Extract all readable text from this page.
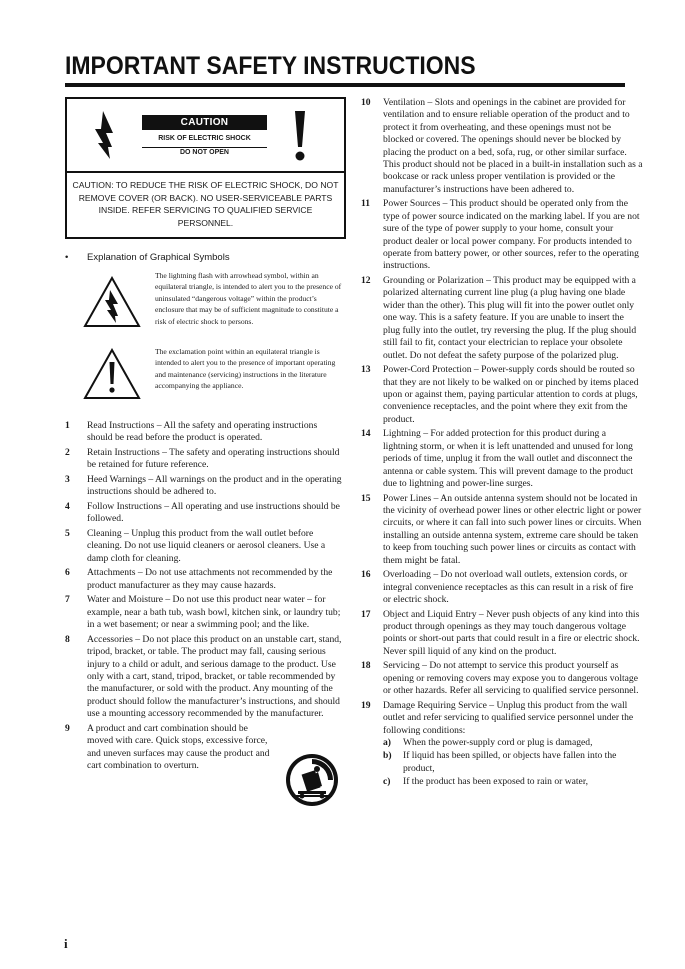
IMPORTANT SAFETY INSTRUCTIONS
CAUTION
RISK OF ELECTRIC SHOCK
DO NOT OPEN
CAUTION: TO REDUCE THE RISK OF ELECTRIC SHOCK, DO NOT REMOVE COVER (OR BACK). NO USER-SERVICEABLE PARTS INSIDE. REFER SERVICING TO QUALIFIED SERVICE PERSONNEL.
• Explanation of Graphical Symbols
The lightning flash with arrowhead symbol, within an equilateral triangle, is intended to alert you to the presence of uninsulated “dangerous voltage” within the product’s enclosure that may be of sufficient magnitude to constitute a risk of electric shock to persons.
The exclamation point within an equilateral triangle is intended to alert you to the presence of important operating and maintenance (servicing) instructions in the literature accompanying the appliance.
1 Read Instructions – All the safety and operating instructions should be read before the product is operated.
2 Retain Instructions – The safety and operating instructions should be retained for future reference.
3 Heed Warnings – All warnings on the product and in the operating instructions should be adhered to.
4 Follow Instructions – All operating and use instructions should be followed.
5 Cleaning – Unplug this product from the wall outlet before cleaning. Do not use liquid cleaners or aerosol cleaners. Use a damp cloth for cleaning.
6 Attachments – Do not use attachments not recommended by the product manufacturer as they may cause hazards.
7 Water and Moisture – Do not use this product near water – for example, near a bath tub, wash bowl, kitchen sink, or laundry tub; in a wet basement; or near a swimming pool; and the like.
8 Accessories – Do not place this product on an unstable cart, stand, tripod, bracket, or table. The product may fall, causing serious injury to a child or adult, and serious damage to the product. Use only with a cart, stand, tripod, bracket, or table recommended by the manufacturer, or sold with the product. Any mounting of the product should follow the manufacturer’s instructions, and should use a mounting accessory recommended by the manufacturer.
9 A product and cart combination should be moved with care. Quick stops, excessive force, and uneven surfaces may cause the product and cart combination to overturn.
10 Ventilation – Slots and openings in the cabinet are provided for ventilation and to ensure reliable operation of the product and to protect it from overheating, and these openings must not be blocked or covered. The openings should never be blocked by placing the product on a bed, sofa, rug, or other similar surface. This product should not be placed in a built-in installation such as a bookcase or rack unless proper ventilation is provided or the manufacturer’s instructions have been adhered to.
11 Power Sources – This product should be operated only from the type of power source indicated on the marking label. If you are not sure of the type of power supply to your home, consult your product dealer or local power company. For products intended to operate from battery power, or other sources, refer to the operating instructions.
12 Grounding or Polarization – This product may be equipped with a polarized alternating current line plug (a plug having one blade wider than the other). This plug will fit into the power outlet only one way. This is a safety feature. If you are unable to insert the plug fully into the outlet, try reversing the plug. If the plug should still fail to fit, contact your electrician to replace your obsolete outlet. Do not defeat the safety purpose of the polarized plug.
13 Power-Cord Protection – Power-supply cords should be routed so that they are not likely to be walked on or pinched by items placed upon or against them, paying particular attention to cords at plugs, convenience receptacles, and the point where they exit from the product.
14 Lightning – For added protection for this product during a lightning storm, or when it is left unattended and unused for long periods of time, unplug it from the wall outlet and disconnect the antenna or cable system. This will prevent damage to the product due to lightning and power-line surges.
15 Power Lines – An outside antenna system should not be located in the vicinity of overhead power lines or other electric light or power circuits, or where it can fall into such power lines or circuits. When installing an outside antenna system, extreme care should be taken to keep from touching such power lines or circuits as contact with them might be fatal.
16 Overloading – Do not overload wall outlets, extension cords, or integral convenience receptacles as this can result in a risk of fire or electric shock.
17 Object and Liquid Entry – Never push objects of any kind into this product through openings as they may touch dangerous voltage points or short-out parts that could result in a fire or electric shock. Never spill liquid of any kind on the product.
18 Servicing – Do not attempt to service this product yourself as opening or removing covers may expose you to dangerous voltage or other hazards. Refer all servicing to qualified service personnel.
19 Damage Requiring Service – Unplug this product from the wall outlet and refer servicing to qualified service personnel under the following conditions:
a) When the power-supply cord or plug is damaged,
b) If liquid has been spilled, or objects have fallen into the product,
c) If the product has been exposed to rain or water,
i
